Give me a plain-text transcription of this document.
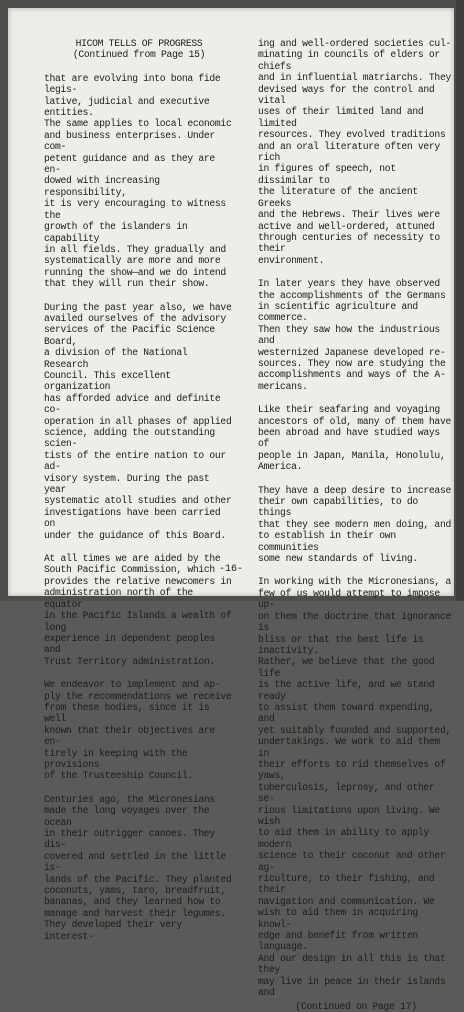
HICOM TELLS OF PROGRESS
(Continued from Page 15)

that are evolving into bona fide legis-
lative, judicial and executive entities.
The same applies to local economic
and business enterprises. Under com-
petent guidance and as they are en-
dowed with increasing responsibility,
it is very encouraging to witness the
growth of the islanders in capability
in all fields. They gradually and
systematically are more and more
running the show—and we do intend
that they will run their show.

During the past year also, we have
availed ourselves of the advisory
services of the Pacific Science Board,
a division of the National Research
Council. This excellent organization
has afforded advice and definite co-
operation in all phases of applied
science, adding the outstanding scien-
tists of the entire nation to our ad-
visory system. During the past year
systematic atoll studies and other
investigations have been carried on
under the guidance of this Board.

At all times we are aided by the
South Pacific Commission, which
provides the relative newcomers in
administration north of the equator
in the Pacific Islands a wealth of long
experience in dependent peoples and
Trust Territory administration.

We endeavor to implement and ap-
ply the recommendations we receive
from these bodies, since it is well
known that their objectives are en-
tirely in keeping with the provisions
of the Trusteeship Council.

Centuries ago, the Micronesians
made the long voyages over the ocean
in their outrigger canoes. They dis-
covered and settled in the little is-
lands of the Pacific. They planted
coconuts, yams, taro, breadfruit,
bananas, and they learned how to
manage and harvest their legumes.
They developed their very interest-

ing and well-ordered societies cul-
minating in councils of elders or chiefs
and in influential matriarchs. They
devised ways for the control and vital
uses of their limited land and limited
resources. They evolved traditions
and an oral literature often very rich
in figures of speech, not dissimilar to
the literature of the ancient Greeks
and the Hebrews. Their lives were
active and well-ordered, attuned
through centuries of necessity to their
environment.

In later years they have observed
the accomplishments of the Germans
in scientific agriculture and commerce.
Then they saw how the industrious and
westernized Japanese developed re-
sources. They now are studying the
accomplishments and ways of the A-
mericans.

Like their seafaring and voyaging
ancestors of old, many of them have
been abroad and have studied ways of
people in Japan, Manila, Honolulu,
America.

They have a deep desire to increase
their own capabilities, to do things
that they see modern men doing, and
to establish in their own communities
some new standards of living.

In working with the Micronesians, a
few of us would attempt to impose up-
on them the doctrine that ignorance is
bliss or that the best life is inactivity.
Rather, we believe that the good life
is the active life, and we stand ready
to assist them toward expending, and
yet suitably founded and supported,
undertakings. We work to aid them in
their efforts to rid themselves of yaws,
tuberculosis, leprosy, and other se-
rious limitations upon living. We wish
to aid them in ability to apply modern
science to their coconut and other ag-
riculture, to their fishing, and their
navigation and communication. We
wish to aid them in acquiring knowl-
edge and benefit from written language.
And our design in all this is that they
may live in peace in their islands and

(Continued on Page 17)
-16-
